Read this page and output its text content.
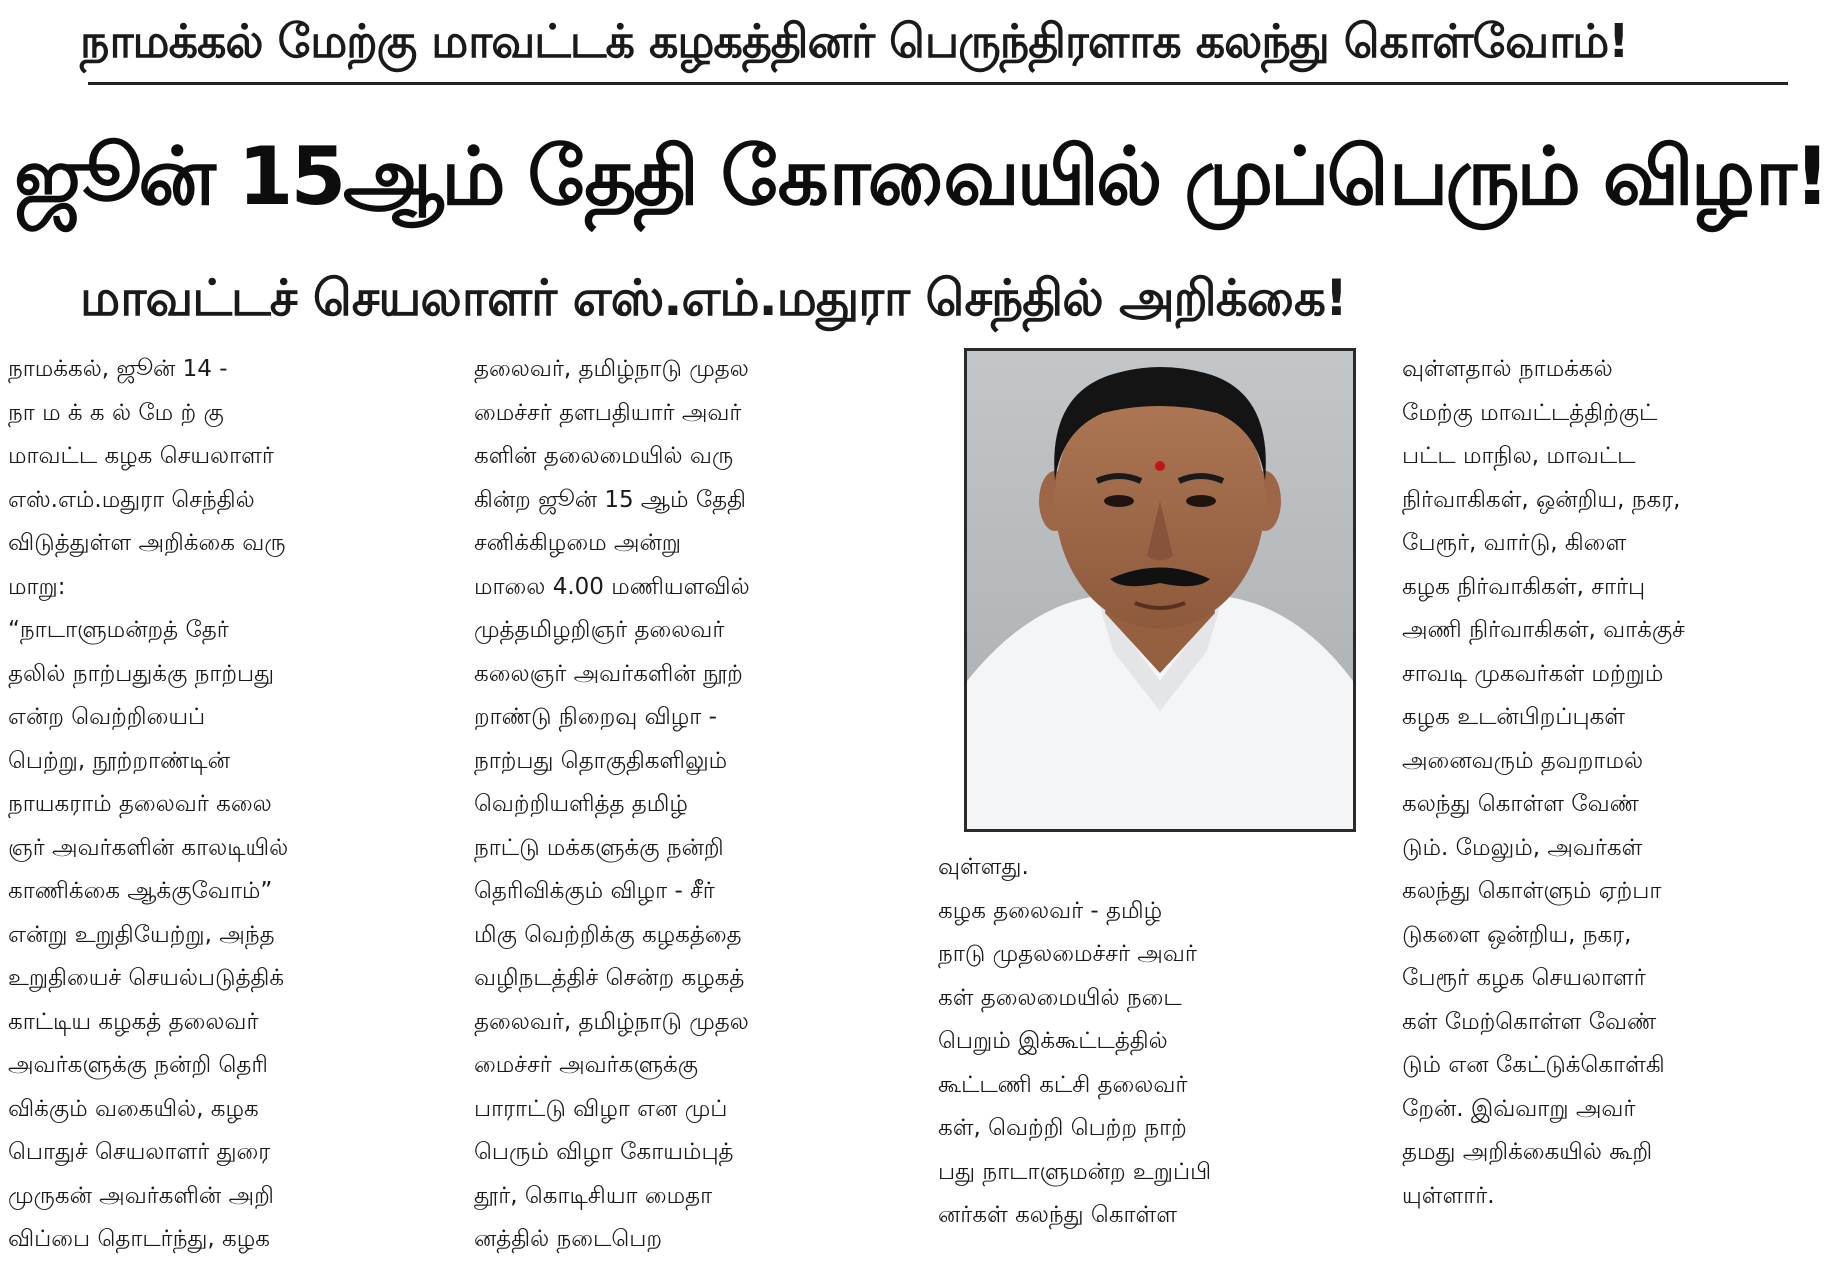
நாமக்கல் மேற்கு மாவட்டக் கழகத்தினர் பெருந்திரளாக கலந்து கொள்வோம்!
ஜூன் 15ஆம் தேதி கோவையில் முப்பெரும் விழா!
மாவட்டச் செயலாளர் எஸ்.எம்.மதுரா செந்தில் அறிக்கை!
நாமக்கல், ஜூன் 14 -
நா ம க் க ல் மே ற் கு
மாவட்ட கழக செயலாளர்
எஸ்.எம்.மதுரா செந்தில்
விடுத்துள்ள அறிக்கை வரு
மாறு:
“நாடாளுமன்றத் தேர்
தலில் நாற்பதுக்கு நாற்பது
என்ற வெற்றியைப்
பெற்று, நூற்றாண்டின்
நாயகராம் தலைவர் கலை
ஞர் அவர்களின் காலடியில்
காணிக்கை ஆக்குவோம்”
என்று உறுதியேற்று, அந்த
உறுதியைச் செயல்படுத்திக்
காட்டிய கழகத் தலைவர்
அவர்களுக்கு நன்றி தெரி
விக்கும் வகையில், கழக
பொதுச் செயலாளர் துரை
முருகன் அவர்களின் அறி
விப்பை தொடர்ந்து, கழக
தலைவர், தமிழ்நாடு முதல
மைச்சர் தளபதியார் அவர்
களின் தலைமையில் வரு
கின்ற ஜூன் 15 ஆம் தேதி
சனிக்கிழமை அன்று
மாலை 4.00 மணியளவில்
முத்தமிழறிஞர் தலைவர்
கலைஞர் அவர்களின் நூற்
றாண்டு நிறைவு விழா -
நாற்பது தொகுதிகளிலும்
வெற்றியளித்த தமிழ்
நாட்டு மக்களுக்கு நன்றி
தெரிவிக்கும் விழா - சீர்
மிகு வெற்றிக்கு கழகத்தை
வழிநடத்திச் சென்ற கழகத்
தலைவர், தமிழ்நாடு முதல
மைச்சர் அவர்களுக்கு
பாராட்டு விழா என முப்
பெரும் விழா கோயம்புத்
தூர், கொடிசியா மைதா
னத்தில் நடைபெற
வுள்ளது.
கழக தலைவர் - தமிழ்
நாடு முதலமைச்சர் அவர்
கள் தலைமையில் நடை
பெறும் இக்கூட்டத்தில்
கூட்டணி கட்சி தலைவர்
கள், வெற்றி பெற்ற நாற்
பது நாடாளுமன்ற உறுப்பி
னர்கள் கலந்து கொள்ள
வுள்ளதால் நாமக்கல்
மேற்கு மாவட்டத்திற்குட்
பட்ட மாநில, மாவட்ட
நிர்வாகிகள், ஒன்றிய, நகர,
பேரூர், வார்டு, கிளை
கழக நிர்வாகிகள், சார்பு
அணி நிர்வாகிகள், வாக்குச்
சாவடி முகவர்கள் மற்றும்
கழக உடன்பிறப்புகள்
அனைவரும் தவறாமல்
கலந்து கொள்ள வேண்
டும். மேலும், அவர்கள்
கலந்து கொள்ளும் ஏற்பா
டுகளை ஒன்றிய, நகர,
பேரூர் கழக செயலாளர்
கள் மேற்கொள்ள வேண்
டும் என கேட்டுக்கொள்கி
றேன். இவ்வாறு அவர்
தமது அறிக்கையில் கூறி
யுள்ளார்.
